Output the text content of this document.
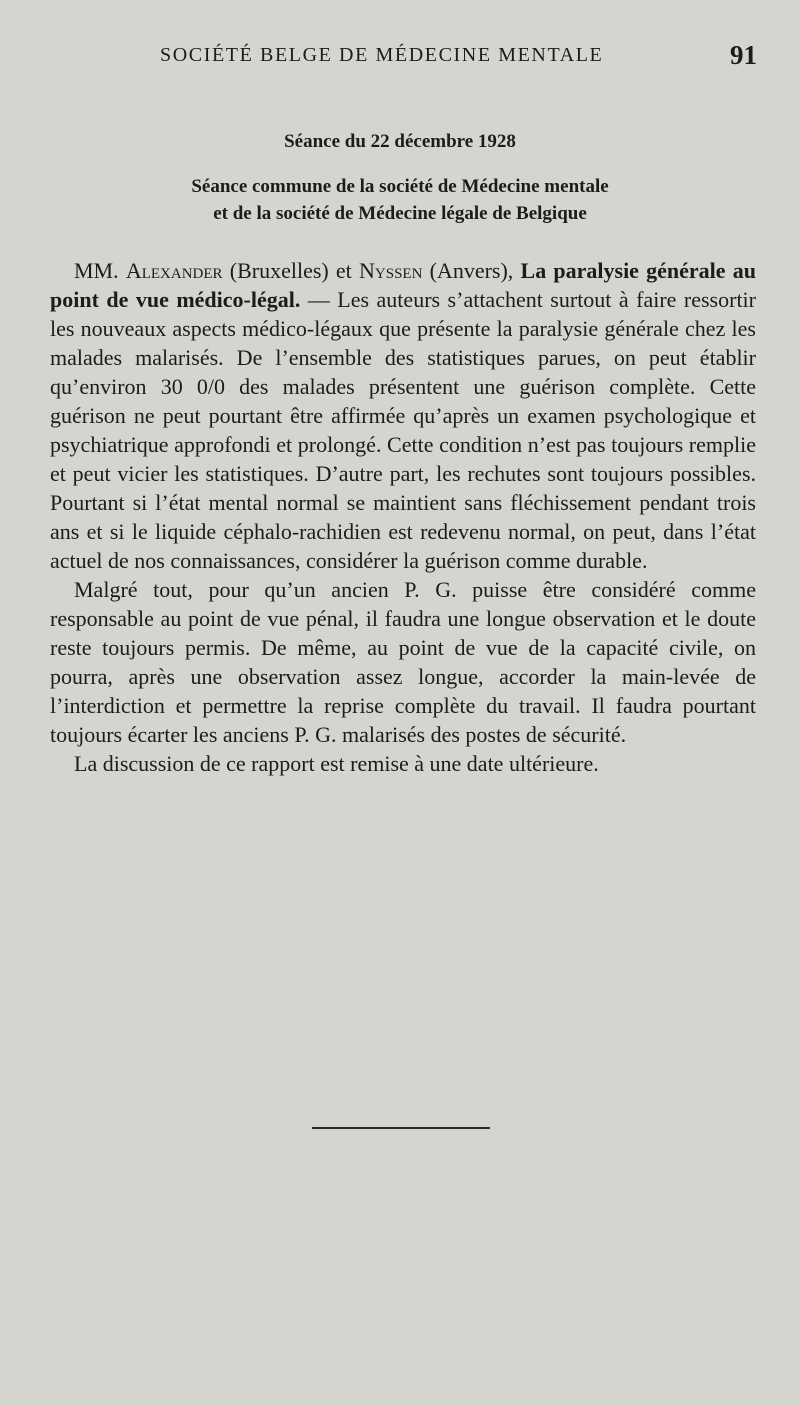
SOCIÉTÉ BELGE DE MÉDECINE MENTALE	91
Séance du 22 décembre 1928
Séance commune de la société de Médecine mentale
et de la société de Médecine légale de Belgique

MM. Alexander (Bruxelles) et Nyssen (Anvers), La paralysie générale au point de vue médico-légal. — Les auteurs s’attachent surtout à faire ressortir les nouveaux aspects médico-légaux que présente la paralysie générale chez les malades malarisés. De l’ensemble des statistiques parues, on peut établir qu’environ 30 0/0 des malades présentent une guérison complète. Cette guérison ne peut pourtant être affirmée qu’après un examen psychologique et psychiatrique approfondi et prolongé. Cette condition n’est pas toujours remplie et peut vicier les statistiques. D’autre part, les rechutes sont toujours possibles. Pourtant si l’état mental normal se maintient sans fléchissement pendant trois ans et si le liquide céphalo-rachidien est redevenu normal, on peut, dans l’état actuel de nos connaissances, considérer la guérison comme durable.

Malgré tout, pour qu’un ancien P. G. puisse être considéré comme responsable au point de vue pénal, il faudra une longue observation et le doute reste toujours permis. De même, au point de vue de la capacité civile, on pourra, après une observation assez longue, accorder la main-levée de l’interdiction et permettre la reprise complète du travail. Il faudra pourtant toujours écarter les anciens P. G. malarisés des postes de sécurité.

La discussion de ce rapport est remise à une date ultérieure.
